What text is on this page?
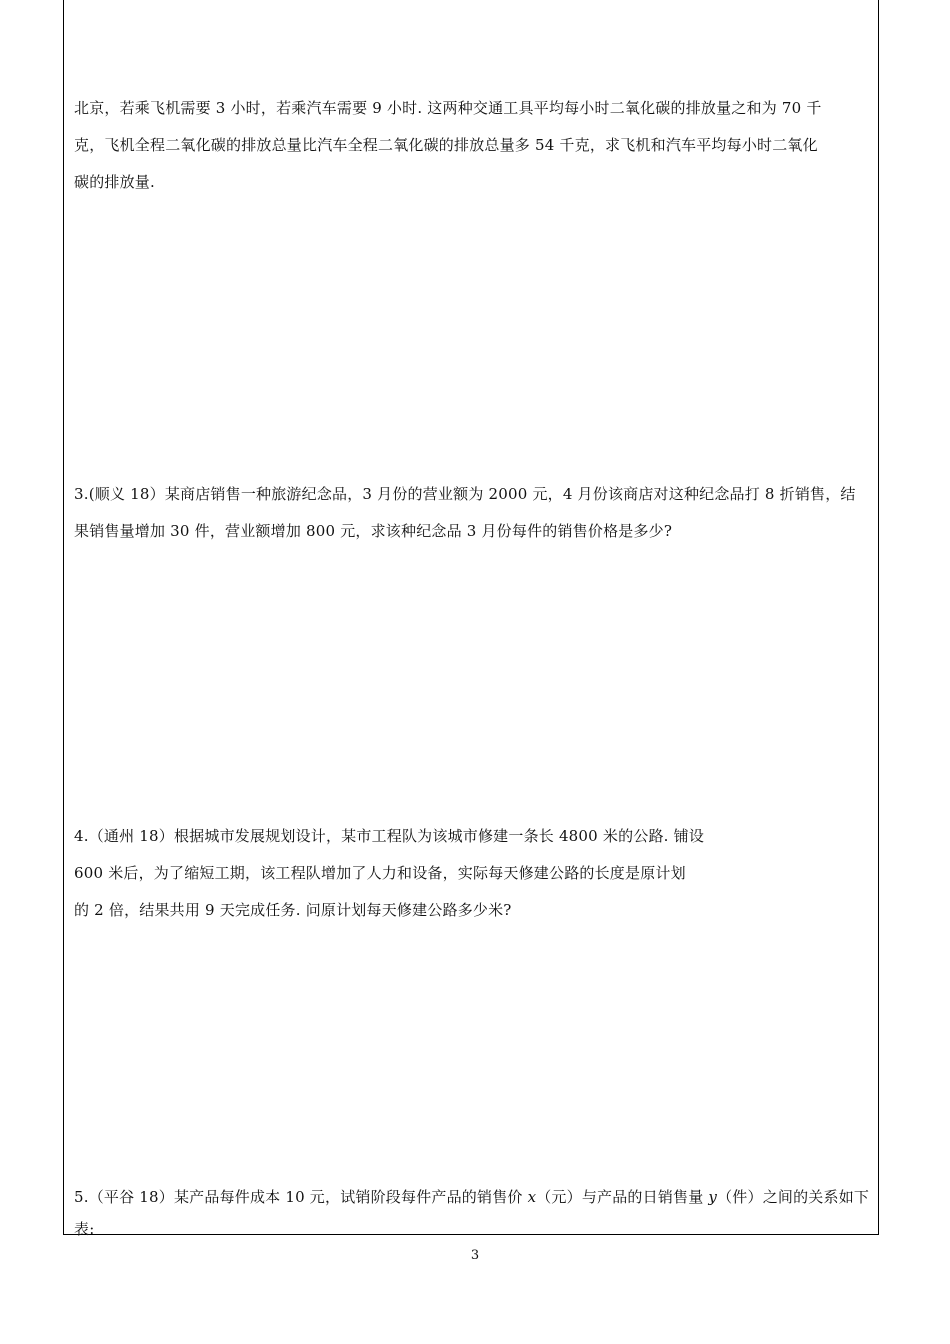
北京，若乘飞机需要 3 小时，若乘汽车需要 9 小时. 这两种交通工具平均每小时二氧化碳的排放量之和为 70 千
克，飞机全程二氧化碳的排放总量比汽车全程二氧化碳的排放总量多 54 千克，求飞机和汽车平均每小时二氧化
碳的排放量.
3.(顺义 18）某商店销售一种旅游纪念品，3 月份的营业额为 2000 元，4 月份该商店对这种纪念品打 8 折销售，结
果销售量增加 30 件，营业额增加 800 元，求该种纪念品 3 月份每件的销售价格是多少?
4.（通州 18）根据城市发展规划设计，某市工程队为该城市修建一条长 4800 米的公路. 铺设
600 米后，为了缩短工期，该工程队增加了人力和设备，实际每天修建公路的长度是原计划
的 2 倍，结果共用 9 天完成任务. 问原计划每天修建公路多少米?
5.（平谷 18）某产品每件成本 10 元，试销阶段每件产品的销售价 x（元）与产品的日销售量 y（件）之间的关系如下
表:
3
